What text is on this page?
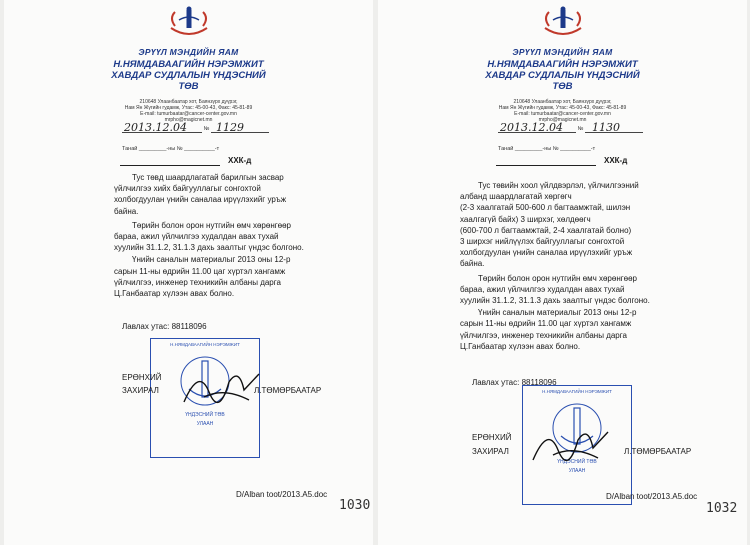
ЭРҮҮЛ МЭНДИЙН ЯАМ
Н.НЯМДАВААГИЙН НЭРЭМЖИТ
ХАВДАР СУДЛАЛЫН ҮНДЭСНИЙ
ТӨВ
210648 Улаанбаатар хот, Баянзүрх дүүрэг,
Нам Ян Жүгийн гудамж, Утас: 45-00-43, Факс: 45-81-89
E-mail: tumurbaatar@cancer-center.gov.mn
mrpho@magicnet.mn
№
2013.12.04	1129
Танай _________-ны № __________-т
ХХК-д

Тус төвд шаардлагатай барилгын засвар
үйлчилгээ хийх байгууллагыг сонгохтой
холбогдуулан үнийн саналаа ирүүлэхийг уръж
байна.

Төрийн болон орон нутгийн өмч хөрөнгөөр
бараа, ажил үйлчилгээ худалдан авах тухай
хуулийн 31.1.2, 31.1.3 дахь заалтыг үндэс болгоно.

Үнийн саналын материалыг 2013 оны 12-р
сарын 11-ны өдрийн 11.00 цаг хүртэл хангамж
үйлчилгээ, инженер техникийн албаны дарга
Ц.Ганбаатар хүлээн авах болно.

Лавлах утас: 88118096
Н.НЯМДАВААГИЙН НЭРЭМЖИТ
ҮНДЭСНИЙ ТӨВ
УЛААН
ЕРӨНХИЙ
ЗАХИРАЛ	Л.ТӨМӨРБААТАР
D/Alban toot/2013.A5.doc
1030
ЭРҮҮЛ МЭНДИЙН ЯАМ
Н.НЯМДАВААГИЙН НЭРЭМЖИТ
ХАВДАР СУДЛАЛЫН ҮНДЭСНИЙ
ТӨВ
210648 Улаанбаатар хот, Баянзүрх дүүрэг,
Нам Ян Жүгийн гудамж, Утас: 45-00-43, Факс: 45-81-89
E-mail: tumurbaatar@cancer-center.gov.mn
mrpho@magicnet.mn
№
2013.12.04	1130
Танай _________-ны № __________-т
ХХК-д

Тус төвийн хоол үйлдвэрлэл, үйлчилгээний
албанд шаардлагатай хөргөгч
(2-3 хаалгатай 500-600 л багтаамжтай, шилэн
хаалгагүй байх) 3 ширхэг, хөлдөөгч
(600-700 л багтаамжтай, 2-4 хаалгатай болно)
3 ширхэг нийлүүлэх байгууллагыг сонгохтой
холбогдуулан үнийн саналаа ирүүлэхийг уръж
байна.

Төрийн болон орон нутгийн өмч хөрөнгөөр
бараа, ажил үйлчилгээ худалдан авах тухай
хуулийн 31.1.2, 31.1.3 дахь заалтыг үндэс болгоно.

Үнийн саналын материалыг 2013 оны 12-р
сарын 11-ны өдрийн 11.00 цаг хүртэл хангамж
үйлчилгээ, инженер техникийн албаны дарга
Ц.Ганбаатар хүлээн авах болно.

Лавлах утас: 88118096
Н.НЯМДАВААГИЙН НЭРЭМЖИТ
ҮНДЭСНИЙ ТӨВ
УЛААН
ЕРӨНХИЙ
ЗАХИРАЛ	Л.ТӨМӨРБААТАР
D/Alban toot/2013.A5.doc
1032
